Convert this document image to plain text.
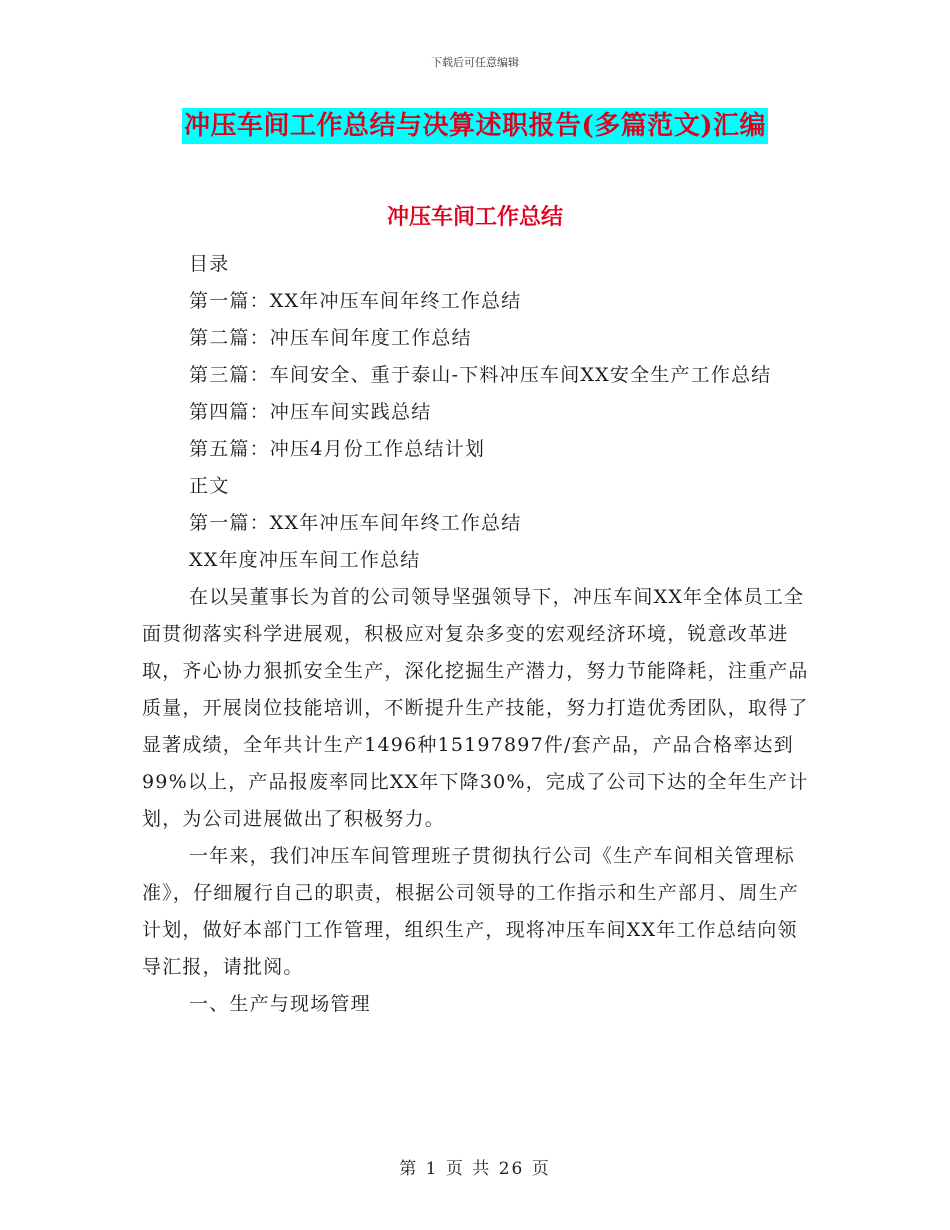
下载后可任意编辑
冲压车间工作总结与决算述职报告(多篇范文)汇编
冲压车间工作总结

目录

第一篇：XX年冲压车间年终工作总结

第二篇：冲压车间年度工作总结

第三篇：车间安全、重于泰山-下料冲压车间XX安全生产工作总结

第四篇：冲压车间实践总结

第五篇：冲压4月份工作总结计划

正文

第一篇：XX年冲压车间年终工作总结

XX年度冲压车间工作总结

在以吴董事长为首的公司领导坚强领导下，冲压车间XX年全体员工全面贯彻落实科学进展观，积极应对复杂多变的宏观经济环境，锐意改革进取，齐心协力狠抓安全生产，深化挖掘生产潜力，努力节能降耗，注重产品质量，开展岗位技能培训，不断提升生产技能，努力打造优秀团队，取得了显著成绩，全年共计生产1496种15197897件/套产品，产品合格率达到99%以上，产品报废率同比XX年下降30%，完成了公司下达的全年生产计划，为公司进展做出了积极努力。

一年来，我们冲压车间管理班子贯彻执行公司《生产车间相关管理标准》，仔细履行自己的职责，根据公司领导的工作指示和生产部月、周生产计划，做好本部门工作管理，组织生产，现将冲压车间XX年工作总结向领导汇报，请批阅。

一、生产与现场管理

第 1 页 共 26 页
